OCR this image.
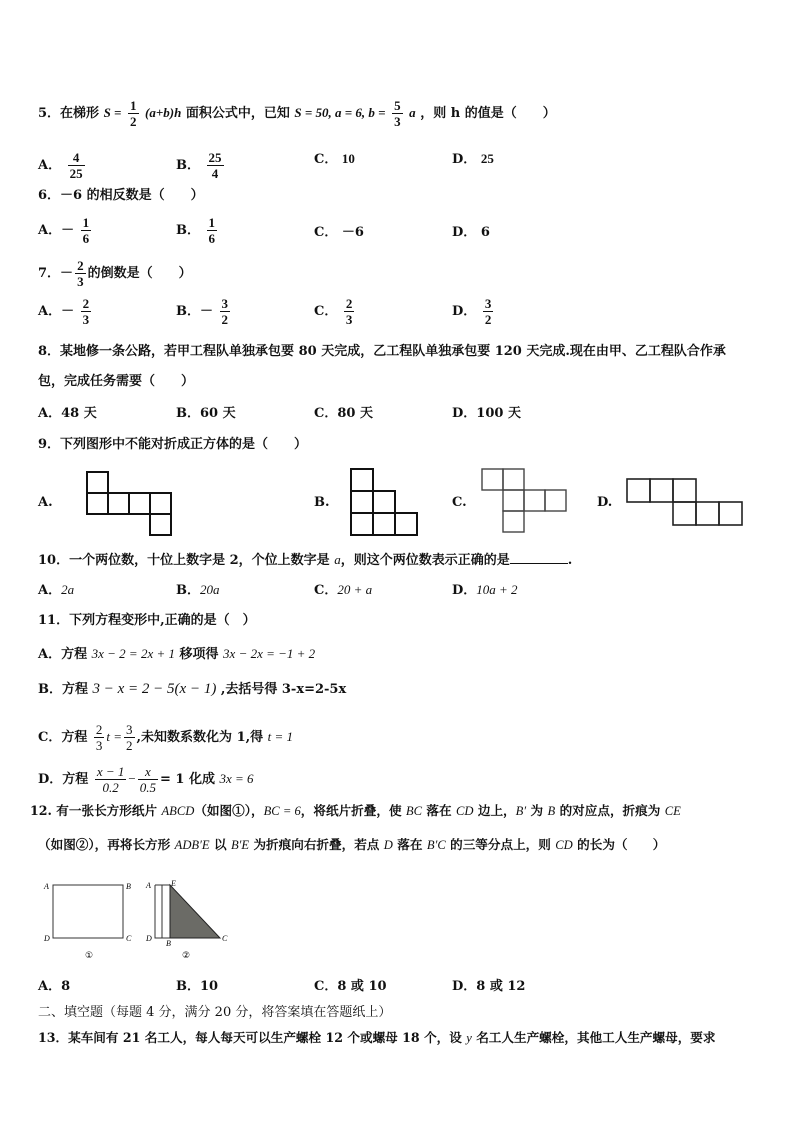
5．在梯形 $S = \frac{1}{2} (a+b)h$ 面积公式中，已知 S = 50, a = 6, $b = \frac{5}{3}$ a ，则 h 的值是（　　）
A． $\frac{4}{25}$	B． $\frac{25}{4}$	C． 10	D． 25
6．－6 的相反数是（　　）
A．－ $\frac{1}{6}$	B． $\frac{1}{6}$	C． －6	D． 6
7．－ $\frac{2}{3}$ 的倒数是（　　）
A．－ $\frac{2}{3}$	B．－ $\frac{3}{2}$	C． $\frac{2}{3}$	D． $\frac{3}{2}$
8．某地修一条公路，若甲工程队单独承包要 80 天完成，乙工程队单独承包要 120 天完成.现在由甲、乙工程队合作承
包，完成任务需要（　　）
A．48 天	B．60 天	C．80 天	D．100 天
9．下列图形中不能对折成正方体的是（　　）
A.	B.	C.	D.
10．一个两位数，十位上数字是 2，个位上数字是 a，则这个两位数表示正确的是	.
A．2a	B．20a	C．20 + a	D．10a + 2
11．下列方程变形中,正确的是（　）
A．方程 3x − 2 = 2x + 1 移项得 3x − 2x = −1 + 2
B．方程 3 − x = 2 − 5(x − 1) ,去括号得 3-x=2-5x
C．方程 $\frac{2}{3}$ $t = \frac{3}{2}$ ,未知数系数化为 1,得 t = 1
D．方程 $\frac{x - 1}{0.2} - \frac{x}{0.5} = 1$ 化成 3x = 6
12. 有一张长方形纸片 ABCD（如图①），BC = 6，将纸片折叠，使 BC 落在 CD 边上，B′ 为 B 的对应点，折痕为 CE
（如图②），再将长方形 ADB′E 以 B′E 为折痕向右折叠，若点 D 落在 B′C 的三等分点上，则 CD 的长为（　　）
A	B
D	C
①
A	E
D
B
C
②
A．8	B．10	C．8 或 10	D．8 或 12
二、填空题（每题 4 分，满分 20 分，将答案填在答题纸上）
13．某车间有 21 名工人，每人每天可以生产螺栓 12 个或螺母 18 个，设 y 名工人生产螺栓，其他工人生产螺母，要求
